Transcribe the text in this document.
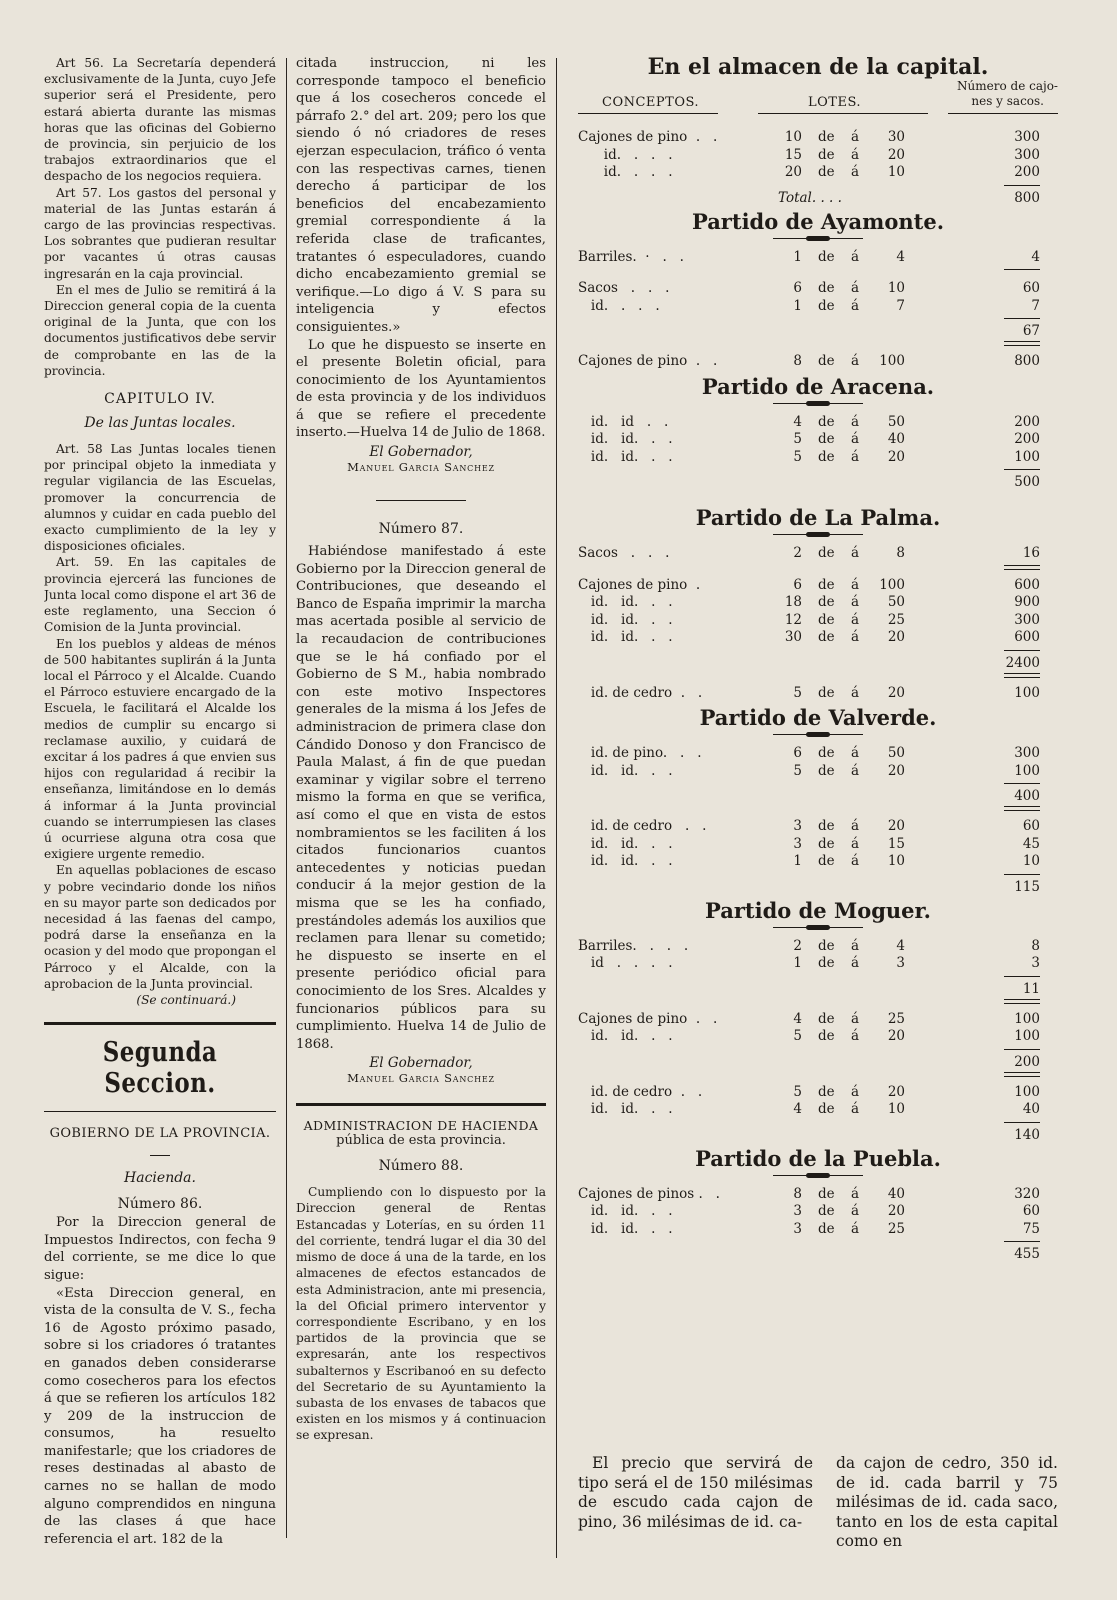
Art 56. La Secretaría dependerá exclusivamente de la Junta, cuyo Jefe superior será el Presidente, pero estará abierta durante las mismas horas que las oficinas del Gobierno de provincia, sin perjuicio de los trabajos extraordinarios que el despacho de los negocios requiera.

Art 57. Los gastos del personal y material de las Juntas estarán á cargo de las provincias respectivas. Los sobrantes que pudieran resultar por vacantes ú otras causas ingresarán en la caja provincial.

En el mes de Julio se remitirá á la Direccion general copia de la cuenta original de la Junta, que con los documentos justificativos debe servir de comprobante en las de la provincia.

CAPITULO IV.
De las Juntas locales.

Art. 58 Las Juntas locales tienen por principal objeto la inmediata y regular vigilancia de las Escuelas, promover la concurrencia de alumnos y cuidar en cada pueblo del exacto cumplimiento de la ley y disposiciones oficiales.

Art. 59. En las capitales de provincia ejercerá las funciones de Junta local como dispone el art 36 de este reglamento, una Seccion ó Comision de la Junta provincial.

En los pueblos y aldeas de ménos de 500 habitantes suplirán á la Junta local el Párroco y el Alcalde. Cuando el Párroco estuviere encargado de la Escuela, le facilitará el Alcalde los medios de cumplir su encargo si reclamase auxilio, y cuidará de excitar á los padres á que envien sus hijos con regularidad á recibir la enseñanza, limitándose en lo demás á informar á la Junta provincial cuando se interrumpiesen las clases ú ocurriese alguna otra cosa que exigiere urgente remedio.

En aquellas poblaciones de escaso y pobre vecindario donde los niños en su mayor parte son dedicados por necesidad á las faenas del campo, podrá darse la enseñanza en la ocasion y del modo que propongan el Párroco y el Alcalde, con la aprobacion de la Junta provincial.

(Se continuará.)

Segunda Seccion.
GOBIERNO DE LA PROVINCIA.
Hacienda.
Número 86.

Por la Direccion general de Impuestos Indirectos, con fecha 9 del corriente, se me dice lo que sigue:

«Esta Direccion general, en vista de la consulta de V. S., fecha 16 de Agosto próximo pasado, sobre si los criadores ó tratantes en ganados deben considerarse como cosecheros para los efectos á que se refieren los artículos 182 y 209 de la instruccion de consumos, ha resuelto manifestarle; que los criadores de reses destinadas al abasto de carnes no se hallan de modo alguno comprendidos en ninguna de las clases á que hace referencia el art. 182 de la

citada instruccion, ni les corresponde tampoco el beneficio que á los cosecheros concede el párrafo 2.° del art. 209; pero los que siendo ó nó criadores de reses ejerzan especulacion, tráfico ó venta con las respectivas carnes, tienen derecho á participar de los beneficios del encabezamiento gremial correspondiente á la referida clase de traficantes, tratantes ó especuladores, cuando dicho encabezamiento gremial se verifique.—Lo digo á V. S para su inteligencia y efectos consiguientes.»

Lo que he dispuesto se inserte en el presente Boletin oficial, para conocimiento de los Ayuntamientos de esta provincia y de los individuos á que se refiere el precedente inserto.—Huelva 14 de Julio de 1868.

El Gobernador,
Manuel Garcia Sanchez
Número 87.

Habiéndose manifestado á este Gobierno por la Direccion general de Contribuciones, que deseando el Banco de España imprimir la marcha mas acertada posible al servicio de la recaudacion de contribuciones que se le há confiado por el Gobierno de S M., habia nombrado con este motivo Inspectores generales de la misma á los Jefes de administracion de primera clase don Cándido Donoso y don Francisco de Paula Malast, á fin de que puedan examinar y vigilar sobre el terreno mismo la forma en que se verifica, así como el que en vista de estos nombramientos se les faciliten á los citados funcionarios cuantos antecedentes y noticias puedan conducir á la mejor gestion de la misma que se les ha confiado, prestándoles además los auxilios que reclamen para llenar su cometido; he dispuesto se inserte en el presente periódico oficial para conocimiento de los Sres. Alcaldes y funcionarios públicos para su cumplimiento. Huelva 14 de Julio de 1868.

El Gobernador,
Manuel Garcia Sanchez
ADMINISTRACION DE HACIENDA
pública de esta provincia.
Número 88.

Cumpliendo con lo dispuesto por la Direccion general de Rentas Estancadas y Loterías, en su órden 11 del corriente, tendrá lugar el dia 30 del mismo de doce á una de la tarde, en los almacenes de efectos estancados de esta Administracion, ante mi presencia, la del Oficial primero interventor y correspondiente Escribano, y en los partidos de la provincia que se expresarán, ante los respectivos subalternos y Escribanoó en su defecto del Secretario de su Ayuntamiento la subasta de los envases de tabacos que existen en los mismos y á continuacion se expresan.

En el almacen de la capital.
CONCEPTOS.	LOTES.
Número de cajo-
nes y sacos.
Cajones de pino  .   .	10 de á	30	300
id.   .   .   .	15 de á	20	300
id.   .   .   .	20 de á	10	200
Total. . . .	800
Partido de Ayamonte.
Barriles.  ·   .   .	1 de á	4	4
Sacos   .   .   .	6 de á	10	60
id.   .   .   .	1 de á	7	7
67
Cajones de pino  .   .	8 de á	100	800
Partido de Aracena.
id.   id   .   .	4 de á	50	200
id.   id.   .   .	5 de á	40	200
id.   id.   .   .	5 de á	20	100
500
Partido de La Palma.
Sacos   .   .   .	2 de á	8	16
Cajones de pino  .	6 de á	100	600
id.   id.   .   .	18 de á	50	900
id.   id.   .   .	12 de á	25	300
id.   id.   .   .	30 de á	20	600
2400
id. de cedro  .   .	5 de á	20	100
Partido de Valverde.
id. de pino.   .   .	6 de á	50	300
id.   id.   .   .	5 de á	20	100
400
id. de cedro   .   .	3 de á	20	60
id.   id.   .   .	3 de á	15	45
id.   id.   .   .	1 de á	10	10
115
Partido de Moguer.
Barriles.   .   .   .	2 de á	4	8
id   .   .   .   .	1 de á	3	3
11
Cajones de pino  .   .	4 de á	25	100
id.   id.   .   .	5 de á	20	100
200
id. de cedro  .   .	5 de á	20	100
id.   id.   .   .	4 de á	10	40
140
Partido de la Puebla.
Cajones de pinos .   .	8 de á	40	320
id.   id.   .   .	3 de á	20	60
id.   id.   .   .	3 de á	25	75
455
El precio que servirá de tipo será el de 150 milésimas de escudo cada cajon de pino, 36 milésimas de id. ca-
da cajon de cedro, 350 id. de id. cada barril y 75 milésimas de id. cada saco, tanto en los de esta capital como en
